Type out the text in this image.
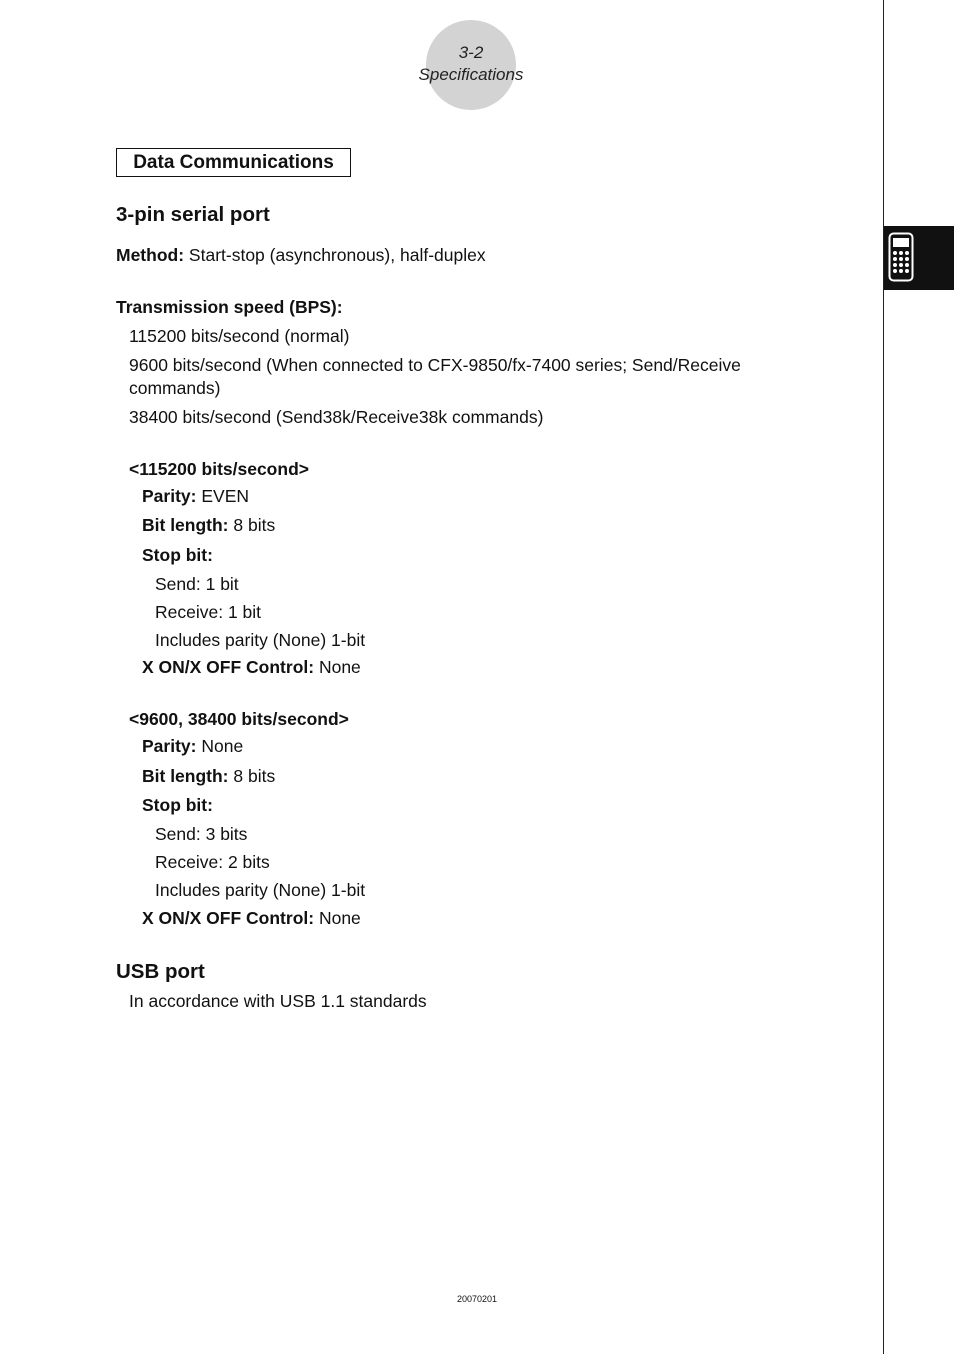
3-2
Specifications
Data Communications
3-pin serial port
Method: Start-stop (asynchronous), half-duplex
Transmission speed (BPS):
115200 bits/second (normal)
9600 bits/second (When connected to CFX-9850/fx-7400 series; Send/Receive
commands)
38400 bits/second (Send38k/Receive38k commands)
<115200 bits/second>
Parity: EVEN
Bit length: 8 bits
Stop bit:
Send: 1 bit
Receive: 1 bit
Includes parity (None) 1-bit
X ON/X OFF Control: None
<9600, 38400 bits/second>
Parity: None
Bit length: 8 bits
Stop bit:
Send: 3 bits
Receive: 2 bits
Includes parity (None) 1-bit
X ON/X OFF Control: None
USB port
In accordance with USB 1.1 standards
20070201
